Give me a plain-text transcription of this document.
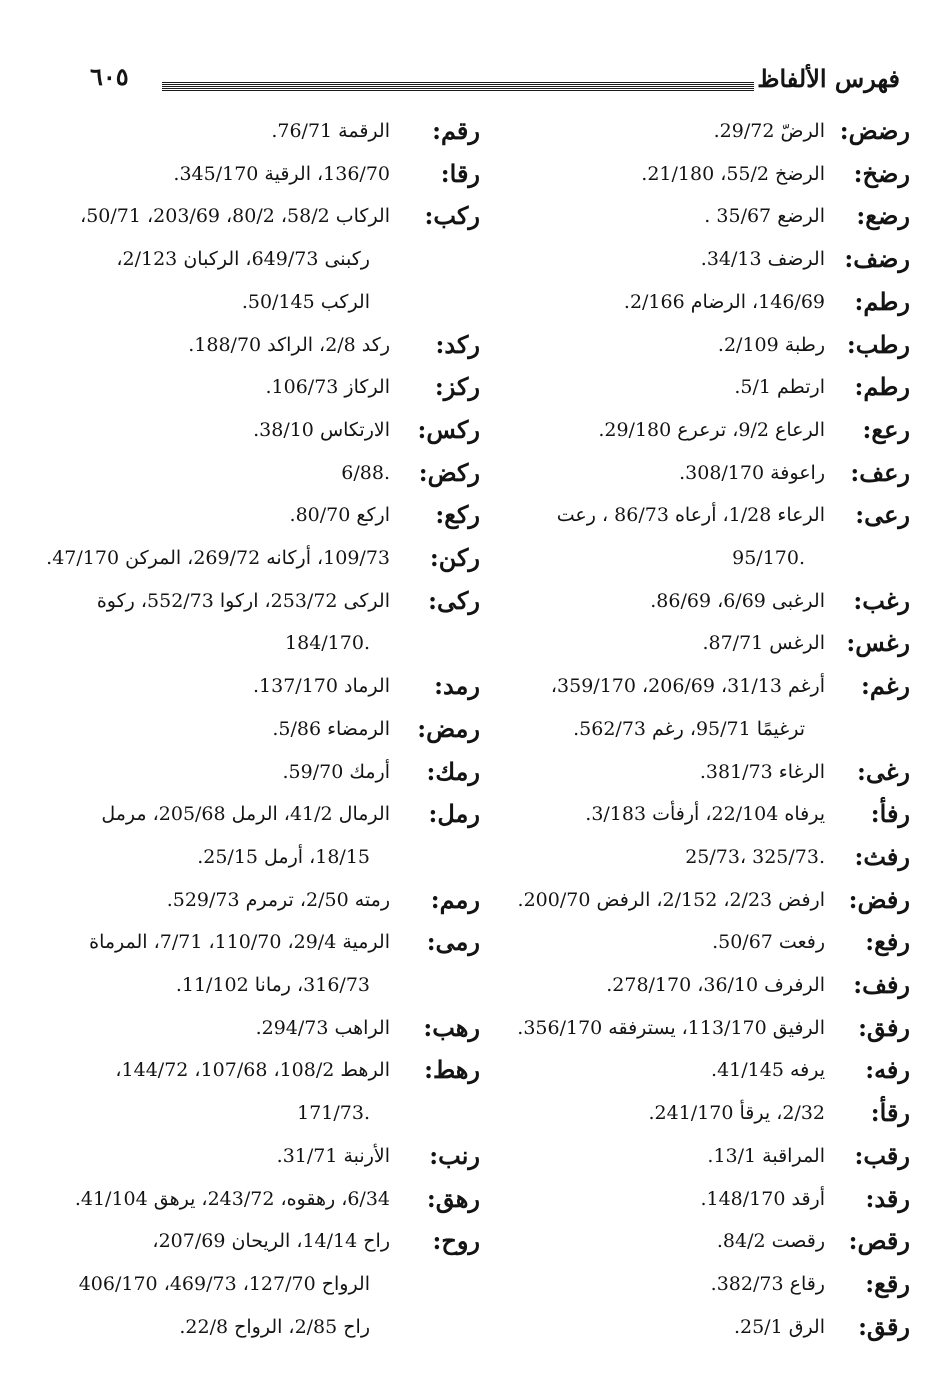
٦٠٥	فهرس الألفاظ
رضض:
الرضّ 29/72.
رضخ:
الرضخ 55/2، 21/180.
رضع:
الرضع 35/67 .
رضف:
الرضف 34/13.
رطم:
146/69، الرضام 2/166.
رطب:
رطبة 2/109.
رطم:
ارتطم 5/1.
رعع:
الرعاع 9/2، ترعرع 29/180.
رعف:
راعوفة 308/170.
رعى:
الرعاء 1/28، أرعاه 86/73 ، رعت
95/170.
رغب:
الرغبى 6/69، 86/69.
رغس:
الرغس 87/71.
رغم:
أرغم 31/13، 206/69، 359/170،
ترغيمًا 95/71، رغم 562/73.
رغى:
الرغاء 381/73.
رفأ:
يرفاه 22/104، أرفأت 3/183.
رفث:
25/73، 325/73.
رفض:
ارفض 2/23، 2/152، الرفض 200/70.
رفع:
رفعت 50/67.
رفف:
الرفرف 36/10، 278/170.
رفق:
الرفيق 113/170، يسترفقه 356/170.
رفه:
يرفه 41/145.
رقأ:
2/32، يرقأ 241/170.
رقب:
المراقبة 13/1.
رقد:
أرقد 148/170.
رقص:
رقصت 84/2.
رقع:
رقاع 382/73.
رقق:
الرق 25/1.
رقم:
الرقمة 76/71.
رقا:
136/70، الرقية 345/170.
ركب:
الركاب 58/2، 80/2، 203/69، 50/71،
ركبنى 649/73، الركبان 2/123،
الركب 50/145.
ركد:
ركد 2/8، الراكد 188/70.
ركز:
الركاز 106/73.
ركس:
الارتكاس 38/10.
ركض:
6/88.
ركع:
اركع 80/70.
ركن:
109/73، أركانه 269/72، المركن 47/170.
ركى:
الركى 253/72، اركوا 552/73، ركوة
184/170.
رمد:
الرماد 137/170.
رمض:
الرمضاء 5/86.
رمك:
أرمك 59/70.
رمل:
الرمال 41/2، الرمل 205/68، مرمل
18/15، أرمل 25/15.
رمم:
رمته 2/50، ترمرم 529/73.
رمى:
الرمية 29/4، 110/70، 7/71، المرماة
316/73، رمانا 11/102.
رهب:
الراهب 294/73.
رهط:
الرهط 108/2، 107/68، 144/72،
171/73.
رنب:
الأرنبة 31/71.
رهق:
6/34، رهقوه، 243/72، يرهق 41/104.
روح:
راح 14/14، الريحان 207/69،
الرواح 127/70، 469/73، 406/170
راح 2/85، الرواح 22/8.
